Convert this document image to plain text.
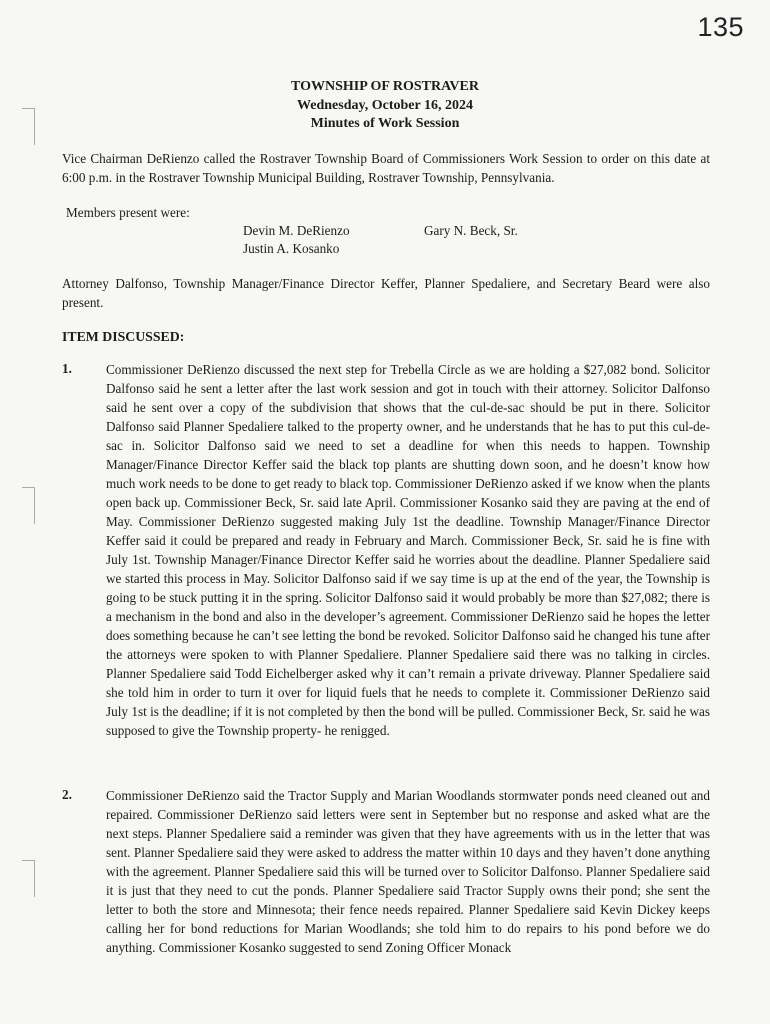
135
TOWNSHIP OF ROSTRAVER
Wednesday, October 16, 2024
Minutes of Work Session
Vice Chairman DeRienzo called the Rostraver Township Board of Commissioners Work Session to order on this date at 6:00 p.m. in the Rostraver Township Municipal Building, Rostraver Township, Pennsylvania.
Members present were:
Devin M. DeRienzo	Gary N. Beck, Sr.
Justin A. Kosanko
Attorney Dalfonso, Township Manager/Finance Director Keffer, Planner Spedaliere, and Secretary Beard were also present.
ITEM DISCUSSED:
1.	Commissioner DeRienzo discussed the next step for Trebella Circle as we are holding a $27,082 bond. Solicitor Dalfonso said he sent a letter after the last work session and got in touch with their attorney. Solicitor Dalfonso said he sent over a copy of the subdivision that shows that the cul-de-sac should be put in there. Solicitor Dalfonso said Planner Spedaliere talked to the property owner, and he understands that he has to put this cul-de-sac in. Solicitor Dalfonso said we need to set a deadline for when this needs to happen. Township Manager/Finance Director Keffer said the black top plants are shutting down soon, and he doesn’t know how much work needs to be done to get ready to black top. Commissioner DeRienzo asked if we know when the plants open back up. Commissioner Beck, Sr. said late April. Commissioner Kosanko said they are paving at the end of May. Commissioner DeRienzo suggested making July 1st the deadline. Township Manager/Finance Director Keffer said it could be prepared and ready in February and March. Commissioner Beck, Sr. said he is fine with July 1st. Township Manager/Finance Director Keffer said he worries about the deadline. Planner Spedaliere said we started this process in May. Solicitor Dalfonso said if we say time is up at the end of the year, the Township is going to be stuck putting it in the spring. Solicitor Dalfonso said it would probably be more than $27,082; there is a mechanism in the bond and also in the developer’s agreement. Commissioner DeRienzo said he hopes the letter does something because he can’t see letting the bond be revoked. Solicitor Dalfonso said he changed his tune after the attorneys were spoken to with Planner Spedaliere. Planner Spedaliere said there was no talking in circles. Planner Spedaliere said Todd Eichelberger asked why it can’t remain a private driveway. Planner Spedaliere said she told him in order to turn it over for liquid fuels that he needs to complete it. Commissioner DeRienzo said July 1st is the deadline; if it is not completed by then the bond will be pulled. Commissioner Beck, Sr. said he was supposed to give the Township property- he renigged.
2.	Commissioner DeRienzo said the Tractor Supply and Marian Woodlands stormwater ponds need cleaned out and repaired. Commissioner DeRienzo said letters were sent in September but no response and asked what are the next steps. Planner Spedaliere said a reminder was given that they have agreements with us in the letter that was sent. Planner Spedaliere said they were asked to address the matter within 10 days and they haven’t done anything with the agreement. Planner Spedaliere said this will be turned over to Solicitor Dalfonso. Planner Spedaliere said it is just that they need to cut the ponds. Planner Spedaliere said Tractor Supply owns their pond; she sent the letter to both the store and Minnesota; their fence needs repaired. Planner Spedaliere said Kevin Dickey keeps calling her for bond reductions for Marian Woodlands; she told him to do repairs to his pond before we do anything. Commissioner Kosanko suggested to send Zoning Officer Monack
